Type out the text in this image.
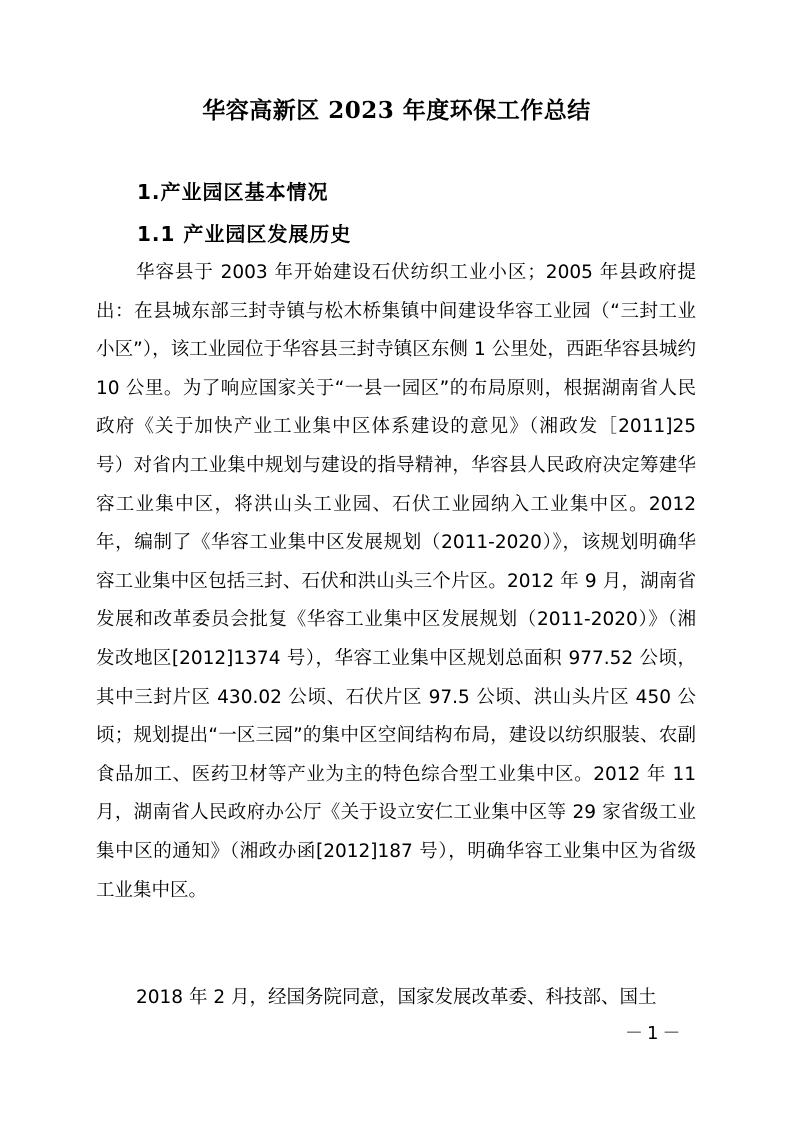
华容高新区 2023 年度环保工作总结
1.产业园区基本情况
1.1 产业园区发展历史

华容县于 2003 年开始建设石伏纺织工业小区；2005 年县政府提出：在县城东部三封寺镇与松木桥集镇中间建设华容工业园（“三封工业小区”），该工业园位于华容县三封寺镇区东侧 1 公里处，西距华容县城约 10 公里。为了响应国家关于“一县一园区”的布局原则，根据湖南省人民政府《关于加快产业工业集中区体系建设的意见》（湘政发［2011]25 号）对省内工业集中规划与建设的指导精神，华容县人民政府决定筹建华容工业集中区，将洪山头工业园、石伏工业园纳入工业集中区。2012 年，编制了《华容工业集中区发展规划（2011-2020）》，该规划明确华容工业集中区包括三封、石伏和洪山头三个片区。2012 年 9 月，湖南省发展和改革委员会批复《华容工业集中区发展规划（2011-2020）》（湘发改地区[2012]1374 号），华容工业集中区规划总面积 977.52 公顷，其中三封片区 430.02 公顷、石伏片区 97.5 公顷、洪山头片区 450 公顷；规划提出“一区三园”的集中区空间结构布局，建设以纺织服装、农副食品加工、医药卫材等产业为主的特色综合型工业集中区。2012 年 11 月，湖南省人民政府办公厅《关于设立安仁工业集中区等 29 家省级工业集中区的通知》（湘政办函[2012]187 号），明确华容工业集中区为省级工业集中区。

2018 年 2 月，经国务院同意，国家发展改革委、科技部、国土

－1－
